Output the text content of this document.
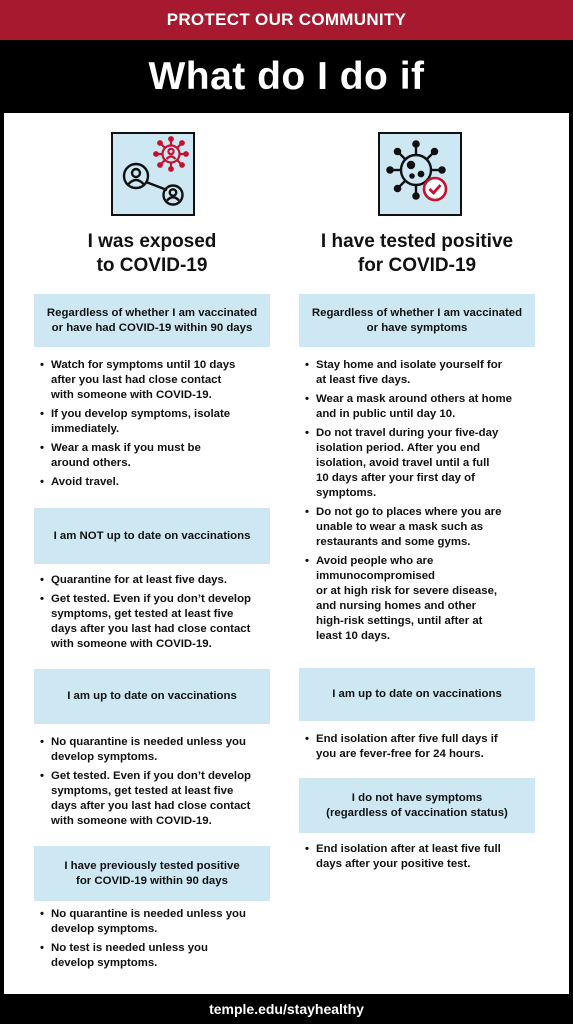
PROTECT OUR COMMUNITY
What do I do if
I was exposed
to COVID-19
Regardless of whether I am vaccinated
or have had COVID-19 within 90 days
• Watch for symptoms until 10 days
after you last had close contact
with someone with COVID-19.
• If you develop symptoms, isolate
immediately.
• Wear a mask if you must be
around others.
• Avoid travel.
I am NOT up to date on vaccinations
• Quarantine for at least five days.
• Get tested. Even if you don’t develop
symptoms, get tested at least five
days after you last had close contact
with someone with COVID-19.
I am up to date on vaccinations
• No quarantine is needed unless you
develop symptoms.
• Get tested. Even if you don’t develop
symptoms, get tested at least five
days after you last had close contact
with someone with COVID-19.
I have previously tested positive
for COVID-19 within 90 days
• No quarantine is needed unless you
develop symptoms.
• No test is needed unless you
develop symptoms.
I have tested positive
for COVID-19
Regardless of whether I am vaccinated
or have symptoms
• Stay home and isolate yourself for
at least five days.
• Wear a mask around others at home
and in public until day 10.
• Do not travel during your five-day
isolation period. After you end
isolation, avoid travel until a full
10 days after your first day of
symptoms.
• Do not go to places where you are
unable to wear a mask such as
restaurants and some gyms.
• Avoid people who are
immunocompromised
or at high risk for severe disease,
and nursing homes and other
high-risk settings, until after at
least 10 days.
I am up to date on vaccinations
• End isolation after five full days if
you are fever-free for 24 hours.
I do not have symptoms
(regardless of vaccination status)
• End isolation after at least five full
days after your positive test.
temple.edu/stayhealthy
